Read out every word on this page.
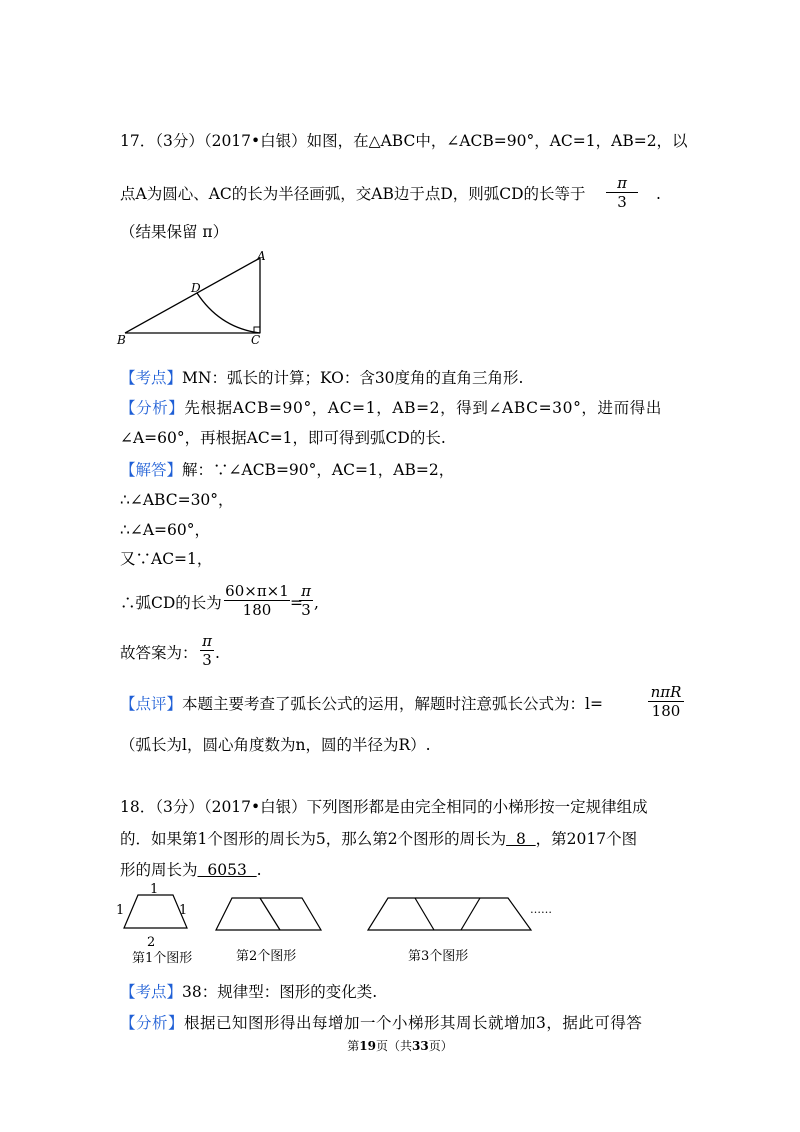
17．（3分）（2017•白银）如图，在△ABC中，∠ACB=90°，AC=1，AB=2，以
点A为圆心、AC的长为半径画弧，交AB边于点D，则弧CD的长等于
π
3	.
（结果保留 π）
A
B	C
D
【考点】MN：弧长的计算；KO：含30度角的直角三角形.
【分析】先根据ACB=90°，AC=1，AB=2，得到∠ABC=30°，进而得出
∠A=60°，再根据AC=1，即可得到弧CD的长.
【解答】解：∵∠ACB=90°，AC=1，AB=2，
∴∠ABC=30°，
∴∠A=60°，
又∵AC=1，
∴弧CD的长为
60×π×1
180	=
π
3 ,
故答案为：
π
3 .
【点评】本题主要考查了弧长公式的运用，解题时注意弧长公式为：l=
nπR
180
（弧长为l，圆心角度数为n，圆的半径为R）.
18．（3分）（2017•白银）下列图形都是由完全相同的小梯形按一定规律组成
的．如果第1个图形的周长为5，那么第2个图形的周长为  8  ，第2017个图
形的周长为  6053  .
1
1	1
2
第1个图形	第2个图形	第3个图形
……
【考点】38：规律型：图形的变化类.
【分析】根据已知图形得出每增加一个小梯形其周长就增加3，据此可得答
第19页（共33页）
